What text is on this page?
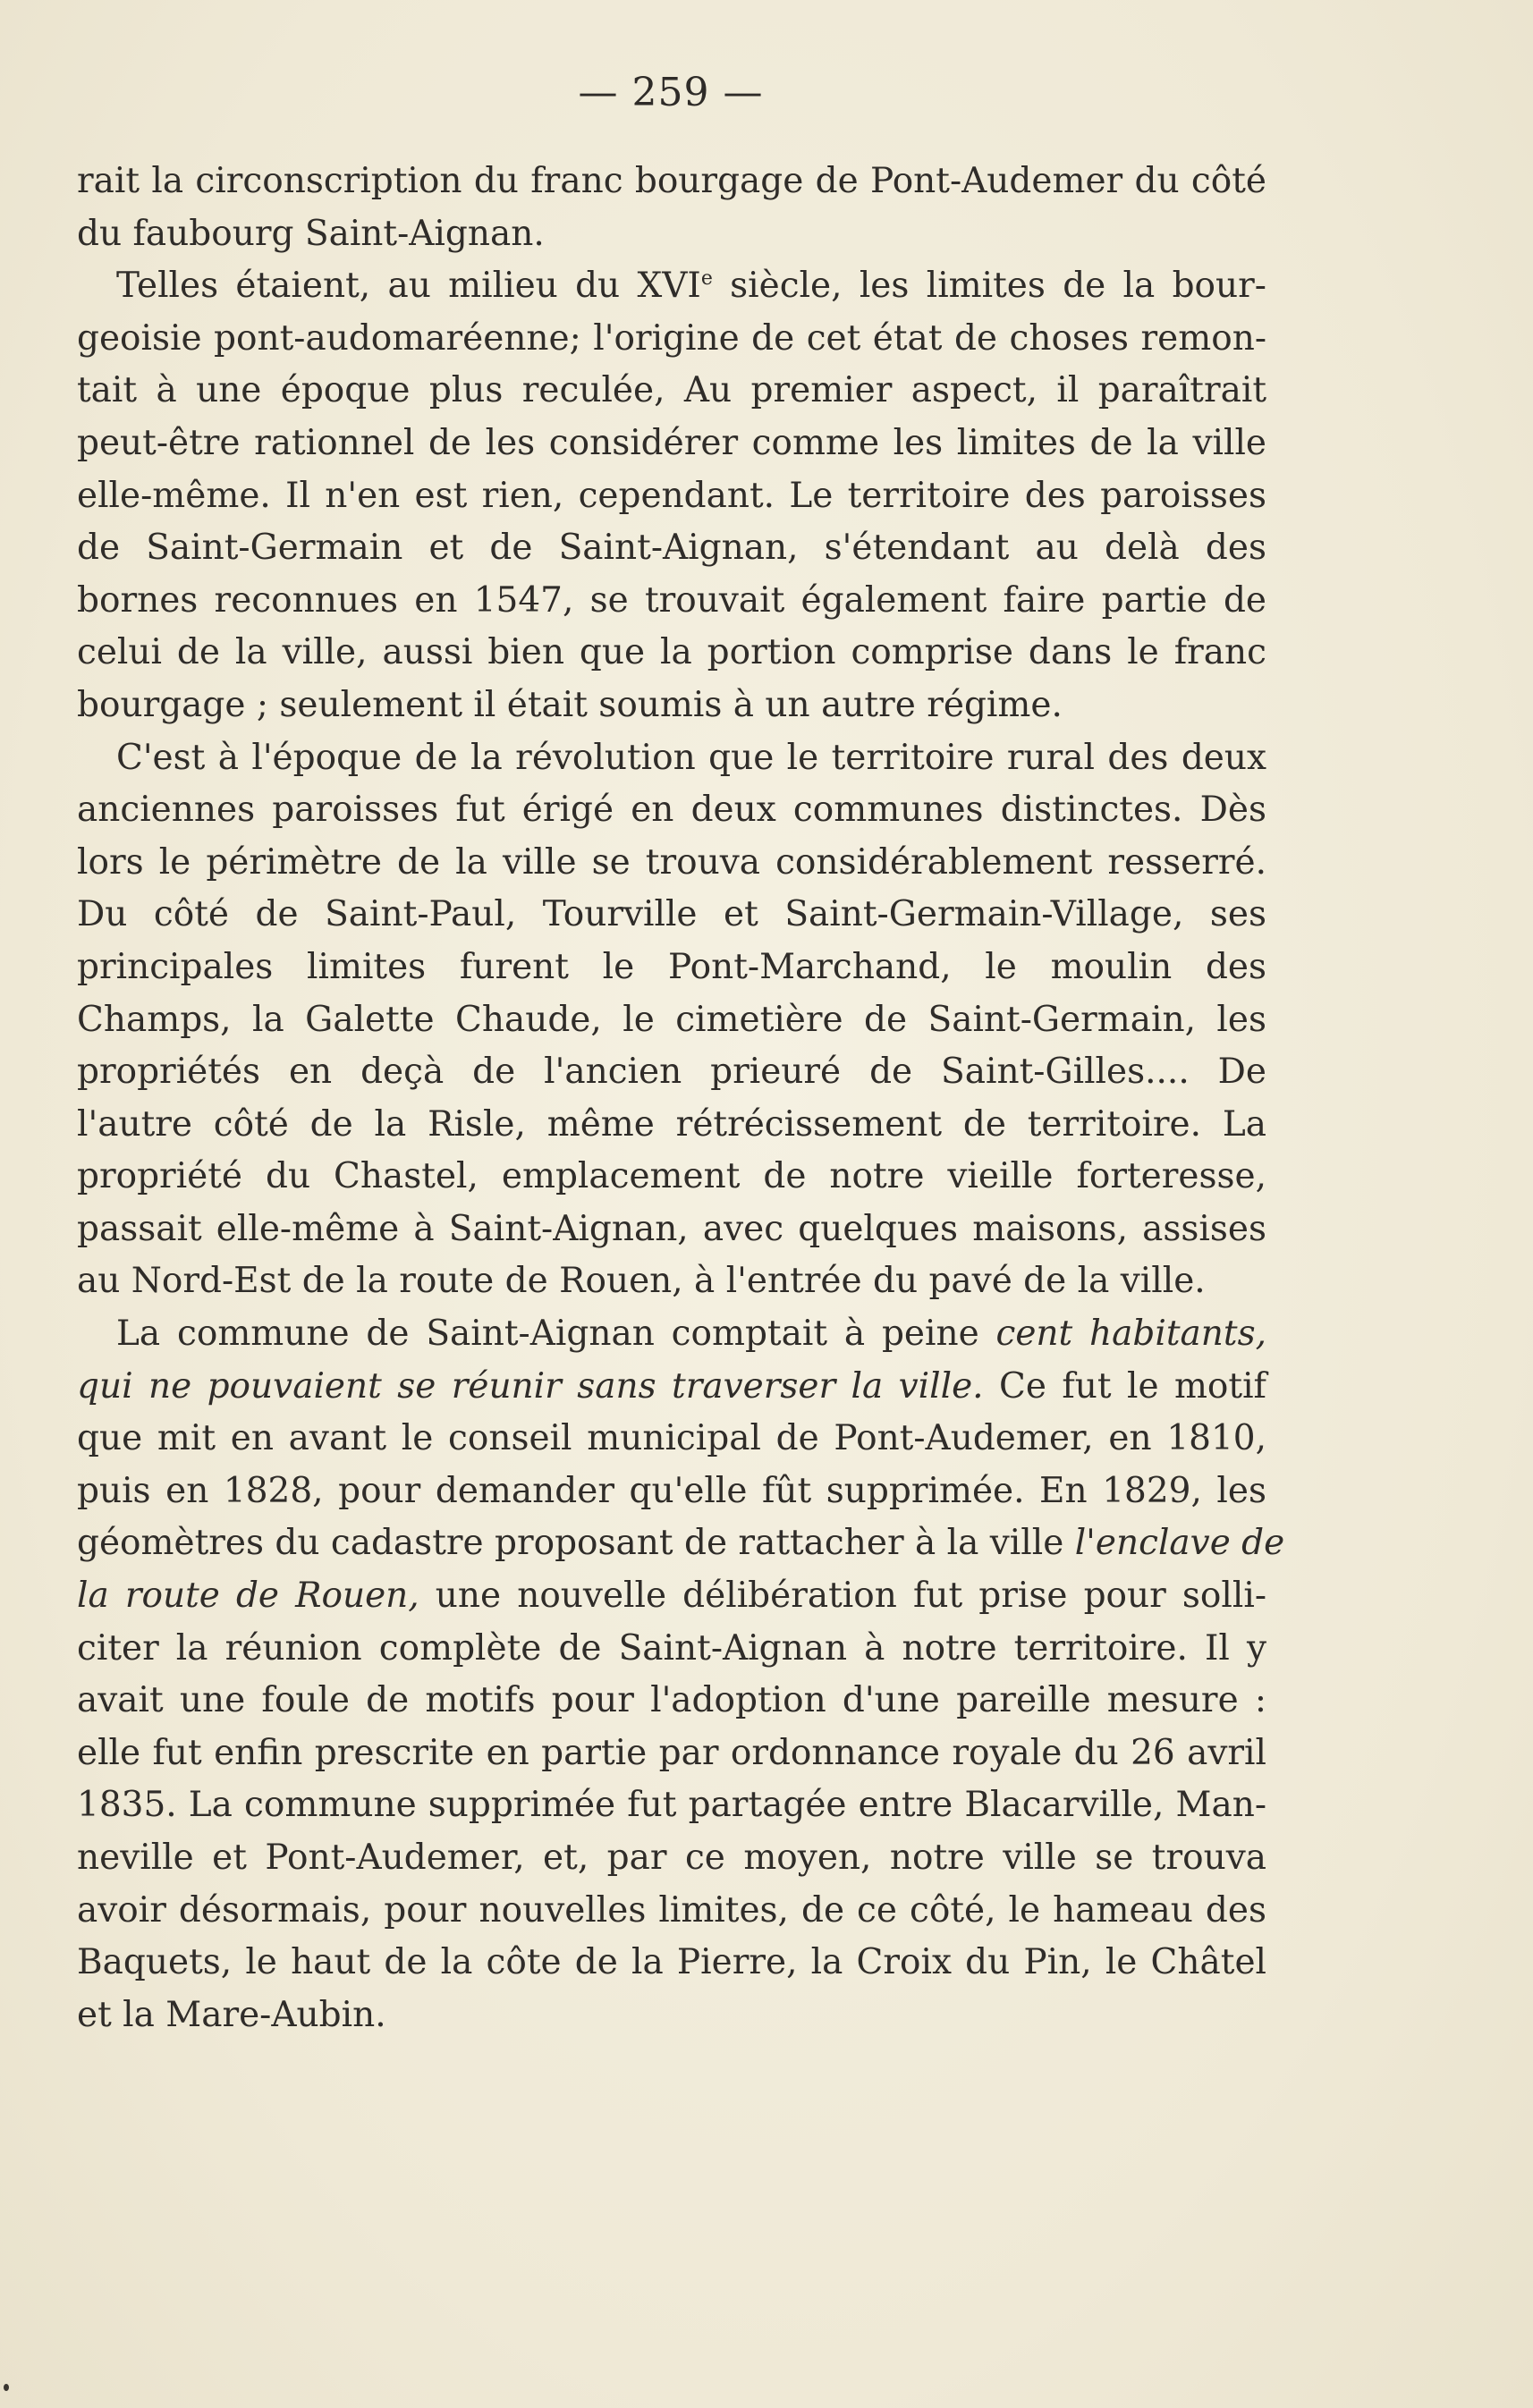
— 259 —
rait la circonscription du franc bourgage de Pont-Audemer du côté
du faubourg Saint-Aignan.
Telles étaient, au milieu du XVIe siècle, les limites de la bour-
geoisie pont-audomaréenne; l'origine de cet état de choses remon-
tait à une époque plus reculée, Au premier aspect, il paraîtrait
peut-être rationnel de les considérer comme les limites de la ville
elle-même. Il n'en est rien, cependant. Le territoire des paroisses
de Saint-Germain et de Saint-Aignan, s'étendant au delà des
bornes reconnues en 1547, se trouvait également faire partie de
celui de la ville, aussi bien que la portion comprise dans le franc
bourgage ; seulement il était soumis à un autre régime.
C'est à l'époque de la révolution que le territoire rural des deux
anciennes paroisses fut érigé en deux communes distinctes. Dès
lors le périmètre de la ville se trouva considérablement resserré.
Du côté de Saint-Paul, Tourville et Saint-Germain-Village, ses
principales limites furent le Pont-Marchand, le moulin des
Champs, la Galette Chaude, le cimetière de Saint-Germain, les
propriétés en deçà de l'ancien prieuré de Saint-Gilles.... De
l'autre côté de la Risle, même rétrécissement de territoire. La
propriété du Chastel, emplacement de notre vieille forteresse,
passait elle-même à Saint-Aignan, avec quelques maisons, assises
au Nord-Est de la route de Rouen, à l'entrée du pavé de la ville.
La commune de Saint-Aignan comptait à peine cent habitants,
qui ne pouvaient se réunir sans traverser la ville. Ce fut le motif
que mit en avant le conseil municipal de Pont-Audemer, en 1810,
puis en 1828, pour demander qu'elle fût supprimée. En 1829, les
géomètres du cadastre proposant de rattacher à la ville l'enclave de
la route de Rouen, une nouvelle délibération fut prise pour solli-
citer la réunion complète de Saint-Aignan à notre territoire. Il y
avait une foule de motifs pour l'adoption d'une pareille mesure :
elle fut enfin prescrite en partie par ordonnance royale du 26 avril
1835. La commune supprimée fut partagée entre Blacarville, Man-
neville et Pont-Audemer, et, par ce moyen, notre ville se trouva
avoir désormais, pour nouvelles limites, de ce côté, le hameau des
Baquets, le haut de la côte de la Pierre, la Croix du Pin, le Châtel
et la Mare-Aubin.
